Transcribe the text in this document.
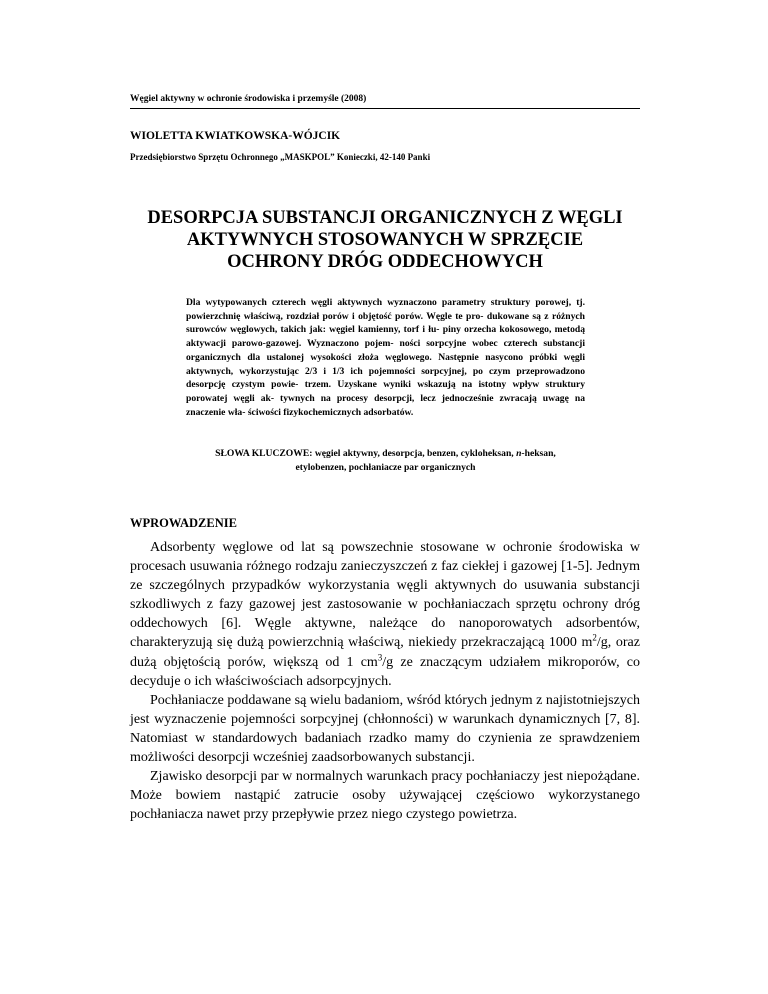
Węgiel aktywny w ochronie środowiska i przemyśle (2008)
WIOLETTA KWIATKOWSKA-WÓJCIK
Przedsiębiorstwo Sprzętu Ochronnego „MASKPOL” Konieczki, 42-140 Panki
DESORPCJA SUBSTANCJI ORGANICZNYCH Z WĘGLI
AKTYWNYCH STOSOWANYCH W SPRZĘCIE
OCHRONY DRÓG ODDECHOWYCH
Dla wytypowanych czterech węgli aktywnych wyznaczono parametry struktury porowej, tj. powierzchnię właściwą, rozdział porów i objętość porów. Węgle te pro- dukowane są z różnych surowców węglowych, takich jak: węgiel kamienny, torf i łu- piny orzecha kokosowego, metodą aktywacji parowo-gazowej. Wyznaczono pojem- ności sorpcyjne wobec czterech substancji organicznych dla ustalonej wysokości złoża węglowego. Następnie nasycono próbki węgli aktywnych, wykorzystując 2/3 i 1/3 ich pojemności sorpcyjnej, po czym przeprowadzono desorpcję czystym powie- trzem. Uzyskane wyniki wskazują na istotny wpływ struktury porowatej węgli ak- tywnych na procesy desorpcji, lecz jednocześnie zwracają uwagę na znaczenie wła- ściwości fizykochemicznych adsorbatów.
SŁOWA KLUCZOWE: węgiel aktywny, desorpcja, benzen, cykloheksan, n-heksan,
etylobenzen, pochłaniacze par organicznych
WPROWADZENIE

Adsorbenty węglowe od lat są powszechnie stosowane w ochronie środowiska w procesach usuwania różnego rodzaju zanieczyszczeń z faz ciekłej i gazowej [1-5]. Jednym ze szczególnych przypadków wykorzystania węgli aktywnych do usuwania substancji szkodliwych z fazy gazowej jest zastosowanie w pochłaniaczach sprzętu ochrony dróg oddechowych [6]. Węgle aktywne, należące do nanoporowatych adsorbentów, charakteryzują się dużą powierzchnią właściwą, niekiedy przekraczającą 1000 $m^2/g$, oraz dużą objętością porów, większą od 1 $cm^3/g$ ze znaczącym udziałem mikroporów, co decyduje o ich właściwościach adsorpcyjnych.

Pochłaniacze poddawane są wielu badaniom, wśród których jednym z najistotniejszych jest wyznaczenie pojemności sorpcyjnej (chłonności) w warunkach dynamicznych [7, 8]. Natomiast w standardowych badaniach rzadko mamy do czynienia ze sprawdzeniem możliwości desorpcji wcześniej zaadsorbowanych substancji.

Zjawisko desorpcji par w normalnych warunkach pracy pochłaniaczy jest niepożądane. Może bowiem nastąpić zatrucie osoby używającej częściowo wykorzystanego pochłaniacza nawet przy przepływie przez niego czystego powietrza.
